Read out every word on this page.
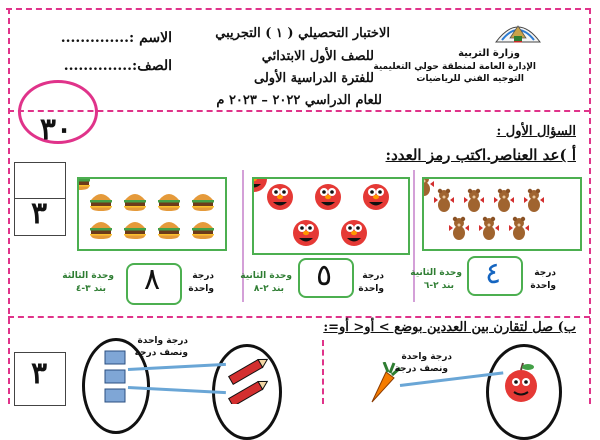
وزارة التربية
الإدارة العامة لمنطقة حولي التعليمية
التوجيه الفني للرياضيات
الاختبار التحصيلي ( ١ ) التجريبي
للصف الأول الابتدائي
للفترة الدراسية الأولى
للعام الدراسي ٢٠٢٢ – ٢٠٢٣ م
الاسم :..............
الصف:..............
٣٠	السؤال الأول :
أ )عد العناصر.اكتب رمز العدد:
٣
٤	درجة
واحدة
وحدة الثانية
بند ٢-٦
٥	درجة
واحدة
وحدة الثانية
بند ٢-٨
٨	درجة
واحدة
وحدة الثالثة
بند ٣-٤
ب) صل لتقارن بين العددين بوضع > أو< أو=:
٣
درجة واحدة
ونصف درجة	درجة واحدة
ونصف درجة
